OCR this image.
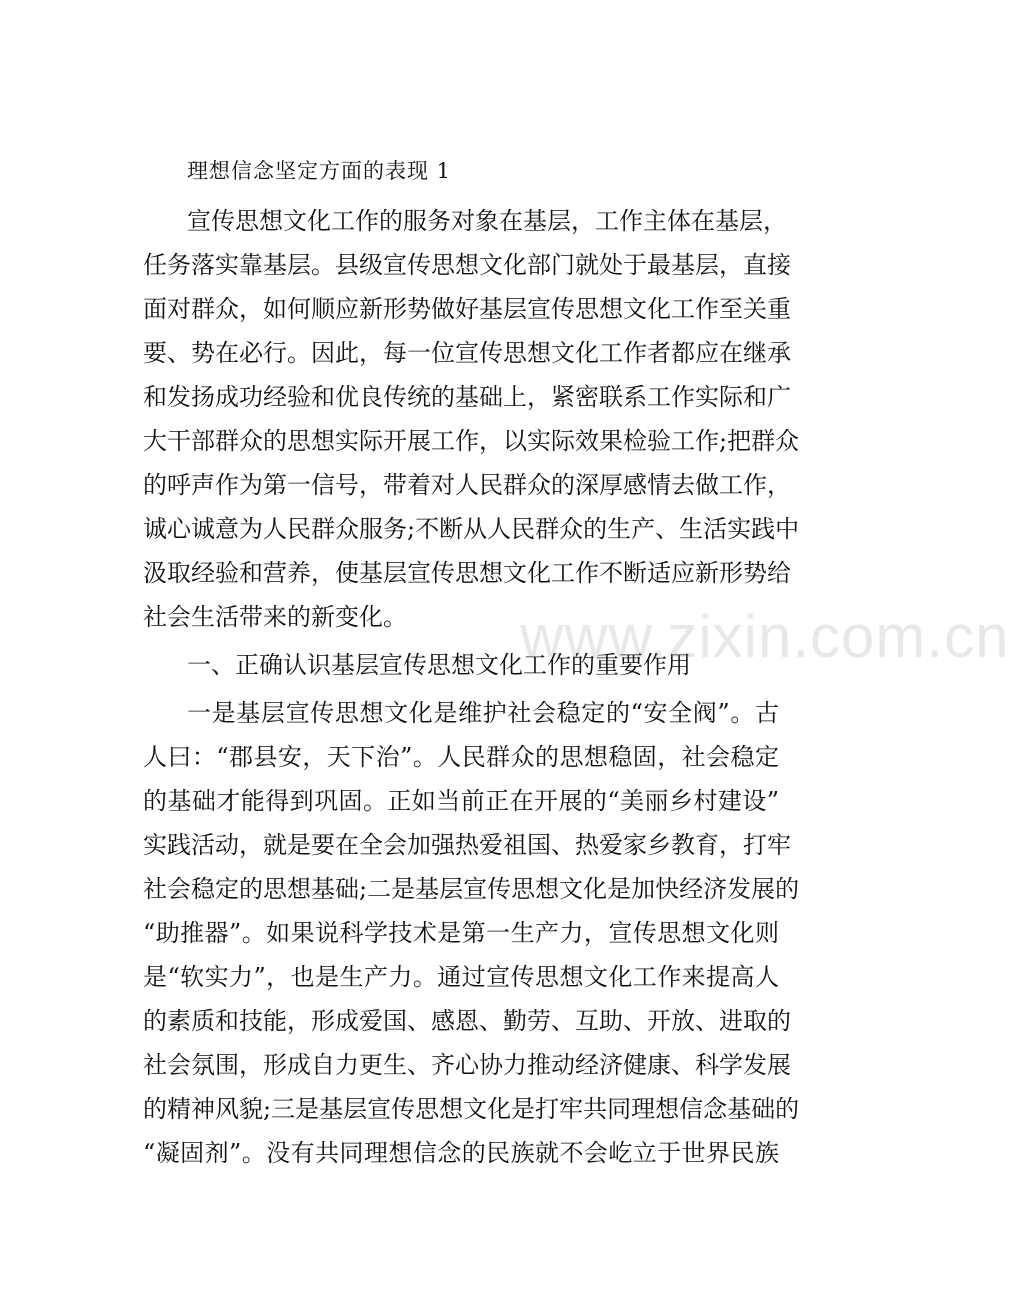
理想信念坚定方面的表现 1
宣传思想文化工作的服务对象在基层，工作主体在基层，
任务落实靠基层。县级宣传思想文化部门就处于最基层，直接
面对群众，如何顺应新形势做好基层宣传思想文化工作至关重
要、势在必行。因此，每一位宣传思想文化工作者都应在继承
和发扬成功经验和优良传统的基础上，紧密联系工作实际和广
大干部群众的思想实际开展工作，以实际效果检验工作;把群众
的呼声作为第一信号，带着对人民群众的深厚感情去做工作，
诚心诚意为人民群众服务;不断从人民群众的生产、生活实践中
汲取经验和营养，使基层宣传思想文化工作不断适应新形势给
社会生活带来的新变化。
一、正确认识基层宣传思想文化工作的重要作用
一是基层宣传思想文化是维护社会稳定的“安全阀”。古
人曰：“郡县安，天下治”。人民群众的思想稳固，社会稳定
的基础才能得到巩固。正如当前正在开展的“美丽乡村建设”
实践活动，就是要在全会加强热爱祖国、热爱家乡教育，打牢
社会稳定的思想基础;二是基层宣传思想文化是加快经济发展的
“助推器”。如果说科学技术是第一生产力，宣传思想文化则
是“软实力”，也是生产力。通过宣传思想文化工作来提高人
的素质和技能，形成爱国、感恩、勤劳、互助、开放、进取的
社会氛围，形成自力更生、齐心协力推动经济健康、科学发展
的精神风貌;三是基层宣传思想文化是打牢共同理想信念基础的
“凝固剂”。没有共同理想信念的民族就不会屹立于世界民族
www.zixin.com.cn
